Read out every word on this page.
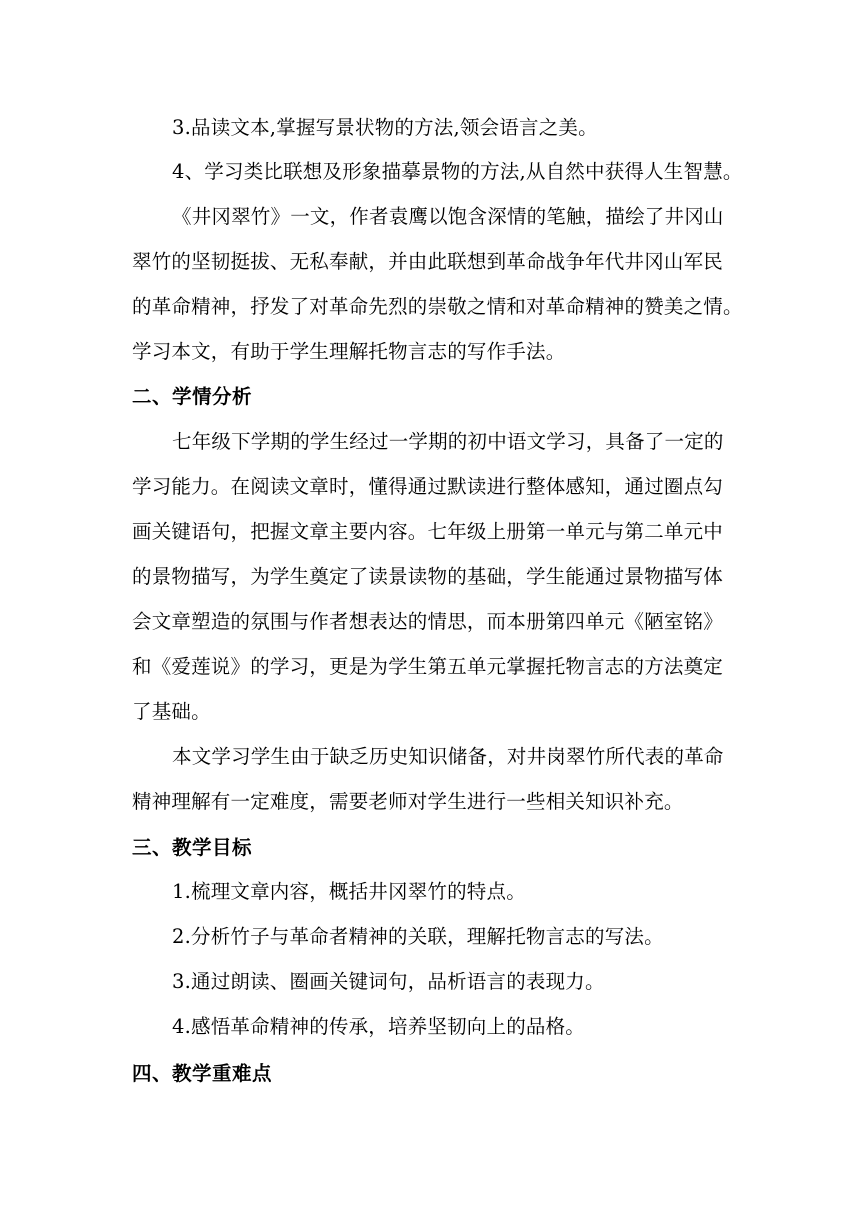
3.品读文本,掌握写景状物的方法,领会语言之美。
4、学习类比联想及形象描摹景物的方法,从自然中获得人生智慧。
《井冈翠竹》一文，作者袁鹰以饱含深情的笔触，描绘了井冈山
翠竹的坚韧挺拔、无私奉献，并由此联想到革命战争年代井冈山军民
的革命精神，抒发了对革命先烈的崇敬之情和对革命精神的赞美之情。
学习本文，有助于学生理解托物言志的写作手法。
二、学情分析
七年级下学期的学生经过一学期的初中语文学习，具备了一定的
学习能力。在阅读文章时，懂得通过默读进行整体感知，通过圈点勾
画关键语句，把握文章主要内容。七年级上册第一单元与第二单元中
的景物描写，为学生奠定了读景读物的基础，学生能通过景物描写体
会文章塑造的氛围与作者想表达的情思，而本册第四单元《陋室铭》
和《爱莲说》的学习，更是为学生第五单元掌握托物言志的方法奠定
了基础。
本文学习学生由于缺乏历史知识储备，对井岗翠竹所代表的革命
精神理解有一定难度，需要老师对学生进行一些相关知识补充。
三、教学目标
1.梳理文章内容，概括井冈翠竹的特点。
2.分析竹子与革命者精神的关联，理解托物言志的写法。
3.通过朗读、圈画关键词句，品析语言的表现力。
4.感悟革命精神的传承，培养坚韧向上的品格。
四、教学重难点
